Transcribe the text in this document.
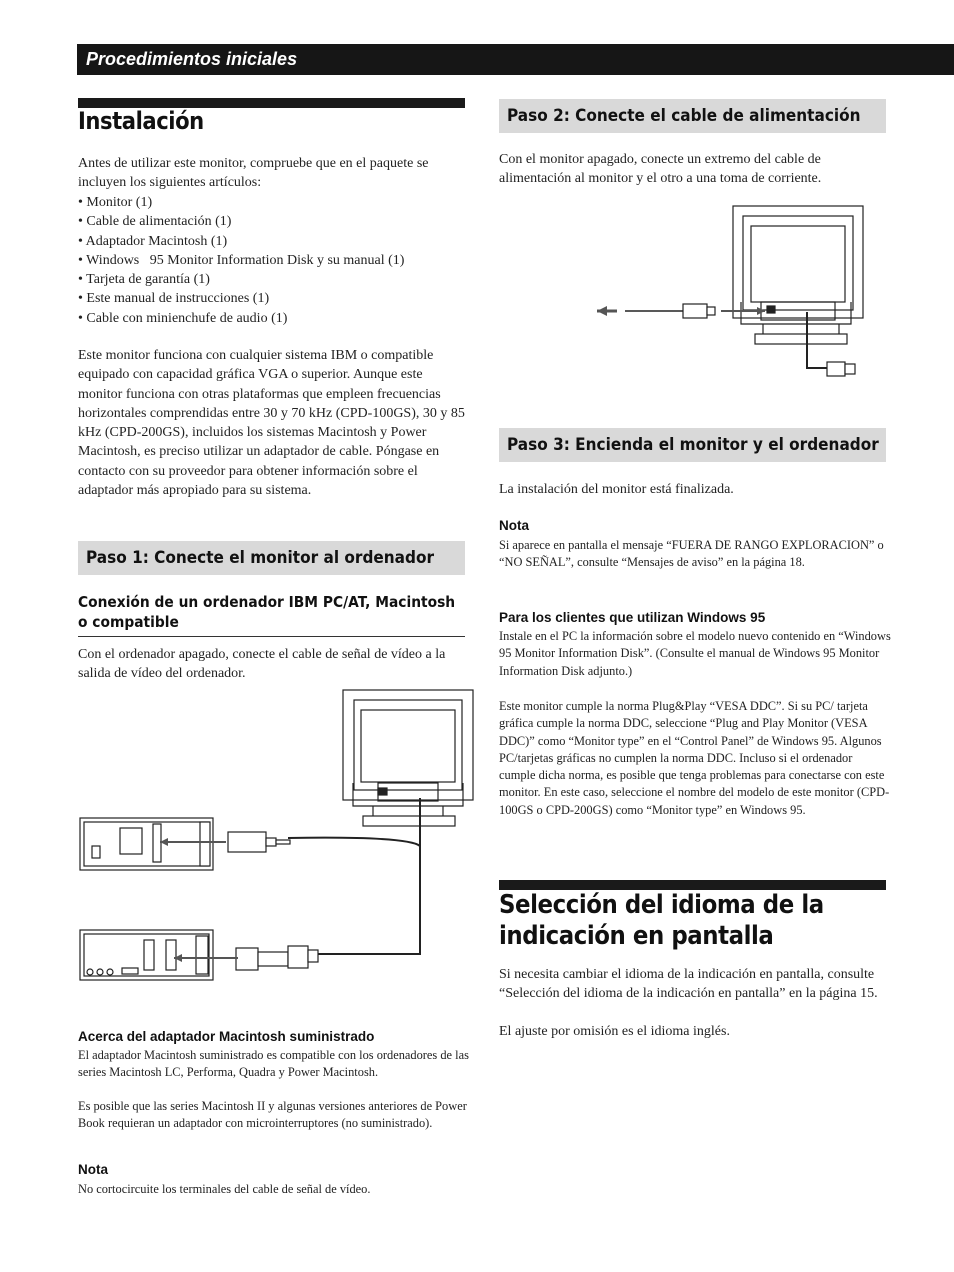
Procedimientos iniciales
Instalación
Antes de utilizar este monitor, compruebe que en el paquete se incluyen los siguientes artículos:
• Monitor (1)
• Cable de alimentación (1)
• Adaptador Macintosh (1)
• Windows   95 Monitor Information Disk y su manual (1)
• Tarjeta de garantía (1)
• Este manual de instrucciones (1)
• Cable con minienchufe de audio (1)
Este monitor funciona con cualquier sistema IBM o compatible equipado con capacidad gráfica VGA o superior. Aunque este monitor funciona con otras plataformas que empleen frecuencias horizontales comprendidas entre 30 y 70 kHz (CPD-100GS), 30 y 85 kHz (CPD-200GS), incluidos los sistemas Macintosh y Power Macintosh, es preciso utilizar un adaptador de cable. Póngase en contacto con su proveedor para obtener información sobre el adaptador más apropiado para su sistema.
Paso 1: Conecte el monitor al ordenador
Conexión de un ordenador IBM PC/AT, Macintosh o compatible
Con el ordenador apagado, conecte el cable de señal de vídeo a la salida de vídeo del ordenador.
Acerca del adaptador Macintosh suministrado
El adaptador Macintosh suministrado es compatible con los ordenadores de las series Macintosh LC, Performa, Quadra y Power Macintosh.
Es posible que las series Macintosh II y algunas versiones anteriores de Power Book requieran un adaptador con microinterruptores (no suministrado).
Nota
No cortocircuite los terminales del cable de señal de vídeo.
Paso 2: Conecte el cable de alimentación
Con el monitor apagado, conecte un extremo del cable de alimentación al monitor y el otro a una toma de corriente.
Paso 3: Encienda el monitor y el ordenador
La instalación del monitor está finalizada.
Nota
Si aparece en pantalla el mensaje “FUERA DE RANGO EXPLORACION” o “NO SEÑAL”, consulte “Mensajes de aviso” en la página 18.
Para los clientes que utilizan Windows 95
Instale en el PC la información sobre el modelo nuevo contenido en “Windows 95 Monitor Information Disk”. (Consulte el manual de Windows 95 Monitor Information Disk adjunto.)
Este monitor cumple la norma Plug&Play “VESA DDC”. Si su PC/ tarjeta gráfica cumple la norma DDC, seleccione “Plug and Play Monitor (VESA DDC)” como “Monitor type” en el “Control Panel” de Windows 95. Algunos PC/tarjetas gráficas no cumplen la norma DDC. Incluso si el ordenador cumple dicha norma, es posible que tenga problemas para conectarse con este monitor. En este caso, seleccione el nombre del modelo de este monitor (CPD-100GS o CPD-200GS) como “Monitor type” en Windows 95.
Selección del idioma de la indicación en pantalla
Si necesita cambiar el idioma de la indicación en pantalla, consulte “Selección del idioma de la indicación en pantalla” en la página 15.
El ajuste por omisión es el idioma inglés.
